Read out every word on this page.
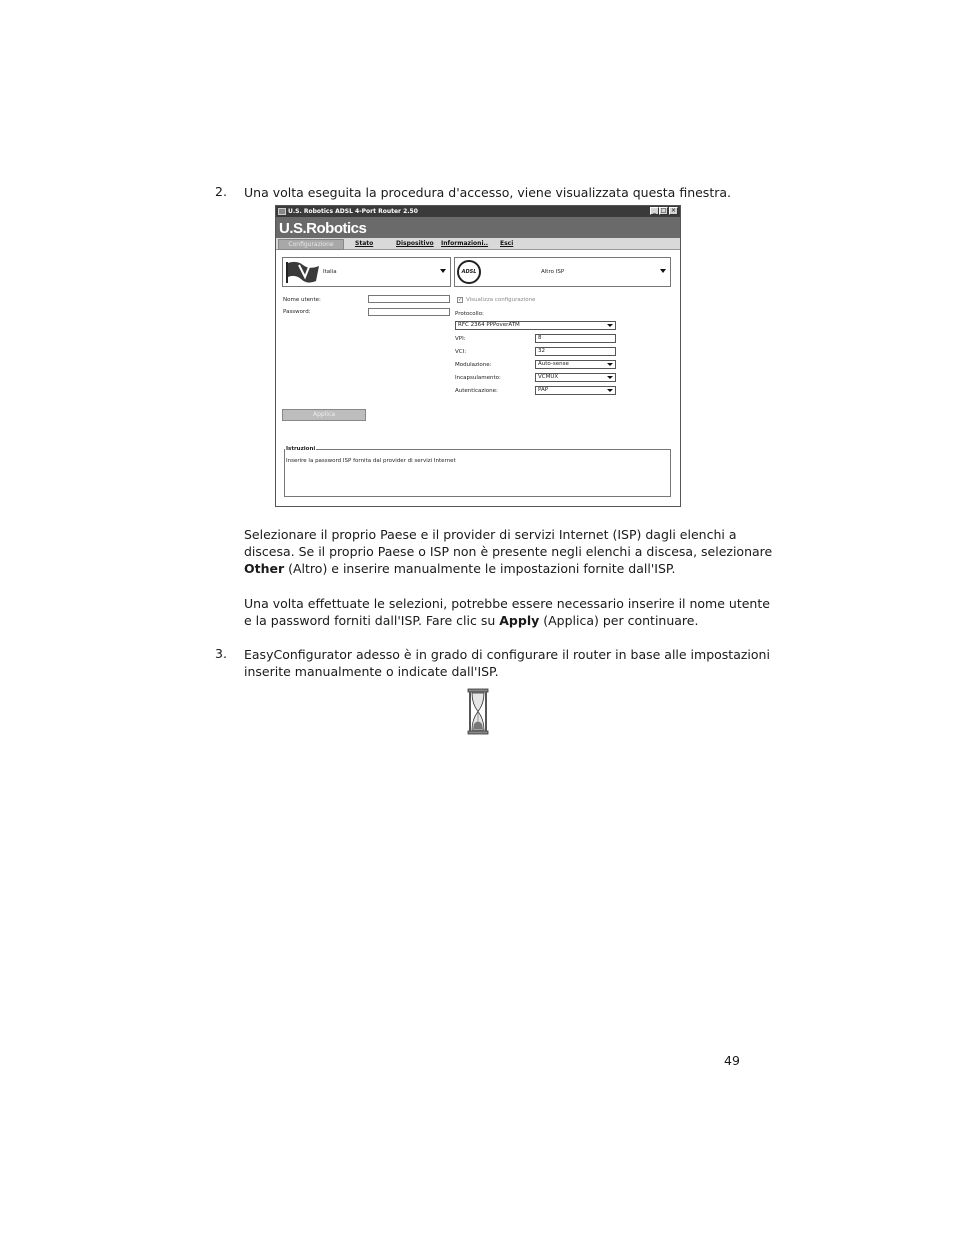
2. Una volta eseguita la procedura d'accesso, viene visualizzata questa finestra.
U.S. Robotics ADSL 4-Port Router 2.50	_ □ ×
U.S.Robotics
Configurazione	Stato	Dispositivo	Informazioni..	Esci
Italia	ADSL	Altro ISP
Nome utente:
Password:
✓ Visualizza configurazione
Protocollo:
RFC 2364 PPPoverATM
VPI:	8
VCI:	32
Modulazione:	Auto-sense
Incapsulamento:	VCMUX
Autenticazione:	PAP
Applica
Inserire la password ISP fornita dal provider di servizi Internet
Istruzioni
Selezionare il proprio Paese e il provider di servizi Internet (ISP) dagli elenchi a
discesa. Se il proprio Paese o ISP non è presente negli elenchi a discesa, selezionare
Other (Altro) e inserire manualmente le impostazioni fornite dall'ISP.
Una volta effettuate le selezioni, potrebbe essere necessario inserire il nome utente
e la password forniti dall'ISP. Fare clic su Apply (Applica) per continuare.
3. EasyConfigurator adesso è in grado di configurare il router in base alle impostazioni
inserite manualmente o indicate dall'ISP.
49
